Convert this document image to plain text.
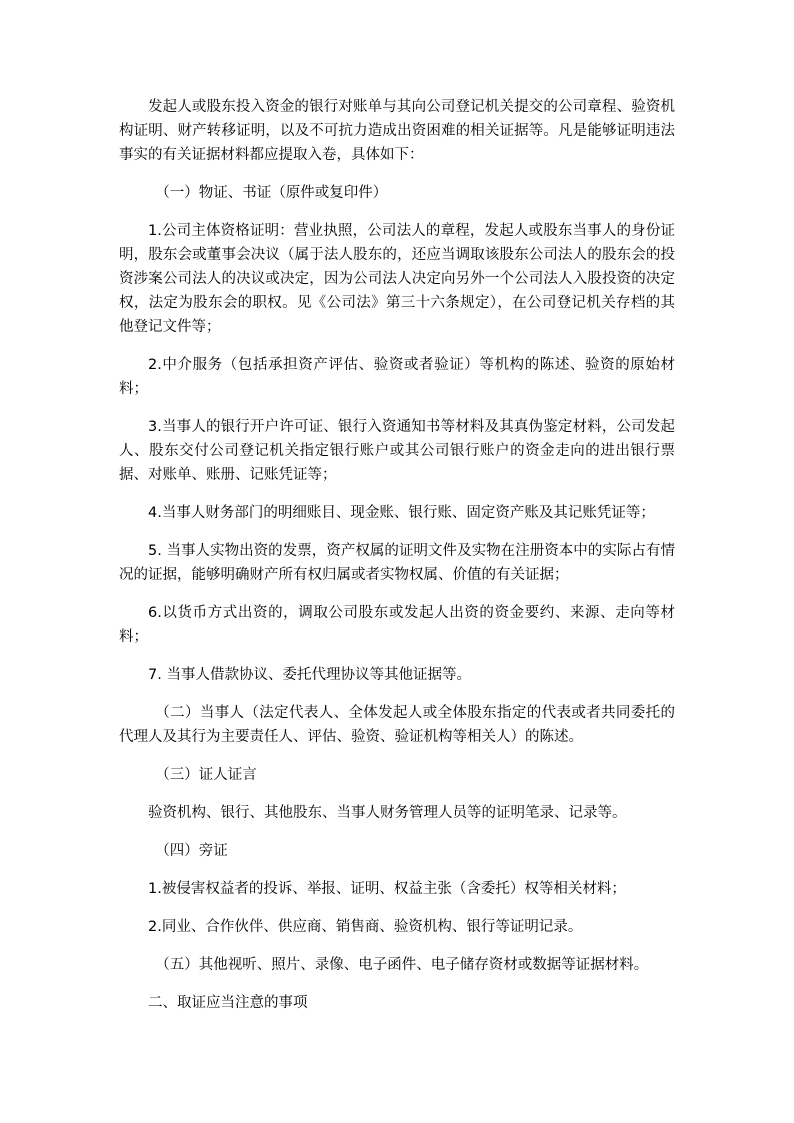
发起人或股东投入资金的银行对账单与其向公司登记机关提交的公司章程、验资机构证明、财产转移证明，以及不可抗力造成出资困难的相关证据等。凡是能够证明违法事实的有关证据材料都应提取入卷，具体如下：

（一）物证、书证（原件或复印件）

1.公司主体资格证明：营业执照，公司法人的章程，发起人或股东当事人的身份证明，股东会或董事会决议（属于法人股东的，还应当调取该股东公司法人的股东会的投资涉案公司法人的决议或决定，因为公司法人决定向另外一个公司法人入股投资的决定权，法定为股东会的职权。见《公司法》第三十六条规定），在公司登记机关存档的其他登记文件等；

2.中介服务（包括承担资产评估、验资或者验证）等机构的陈述、验资的原始材料；

3.当事人的银行开户许可证、银行入资通知书等材料及其真伪鉴定材料，公司发起人、股东交付公司登记机关指定银行账户或其公司银行账户的资金走向的进出银行票据、对账单、账册、记账凭证等；

4.当事人财务部门的明细账目、现金账、银行账、固定资产账及其记账凭证等；

5. 当事人实物出资的发票，资产权属的证明文件及实物在注册资本中的实际占有情况的证据，能够明确财产所有权归属或者实物权属、价值的有关证据；

6.以货币方式出资的，调取公司股东或发起人出资的资金要约、来源、走向等材料；

7. 当事人借款协议、委托代理协议等其他证据等。

（二）当事人（法定代表人、全体发起人或全体股东指定的代表或者共同委托的代理人及其行为主要责任人、评估、验资、验证机构等相关人）的陈述。

（三）证人证言

验资机构、银行、其他股东、当事人财务管理人员等的证明笔录、记录等。

（四）旁证

1.被侵害权益者的投诉、举报、证明、权益主张（含委托）权等相关材料；

2.同业、合作伙伴、供应商、销售商、验资机构、银行等证明记录。

（五）其他视听、照片、录像、电子函件、电子储存资材或数据等证据材料。

二、取证应当注意的事项
